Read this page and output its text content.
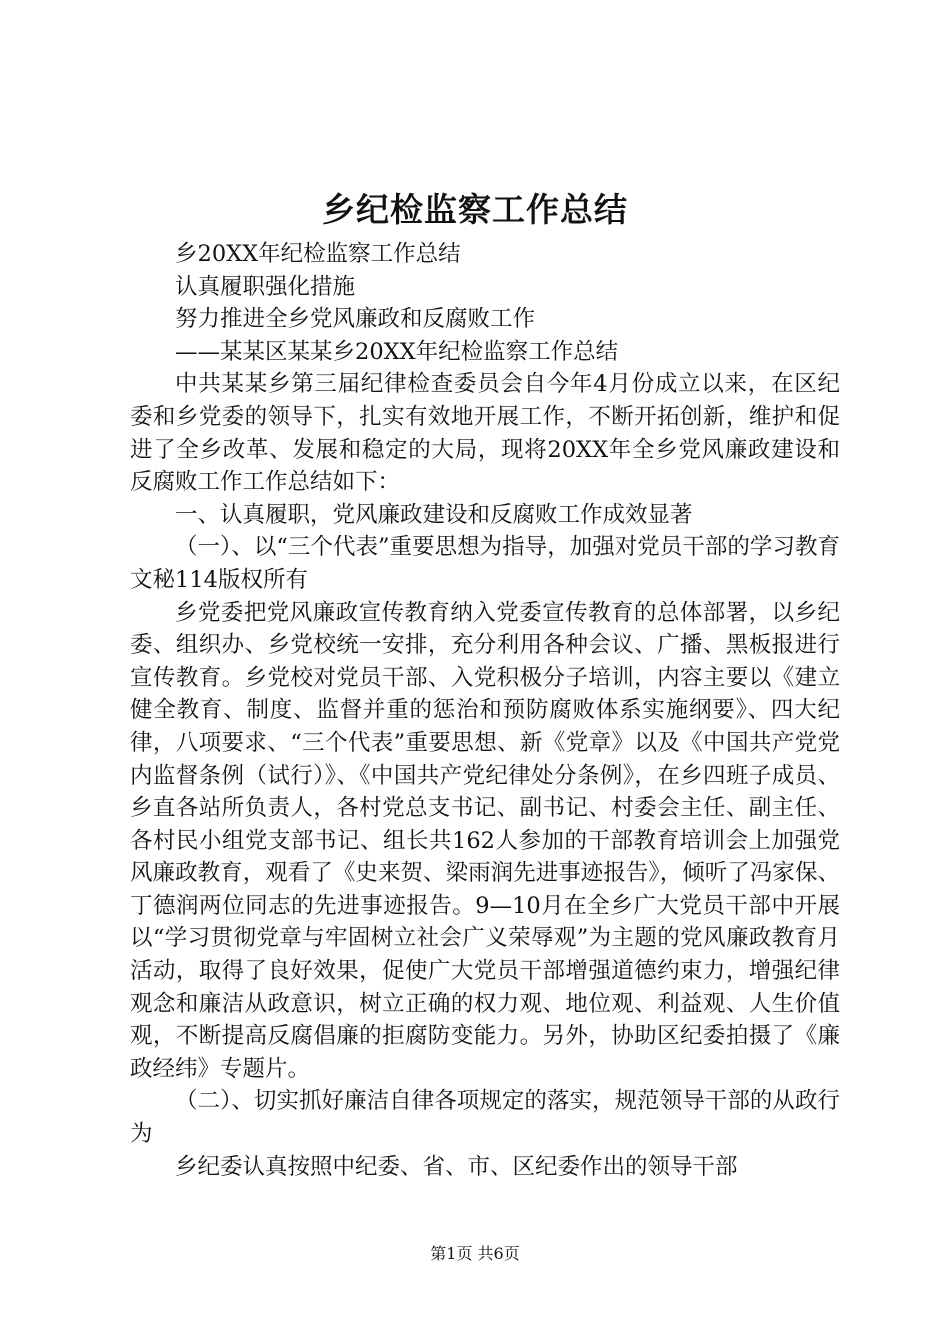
乡纪检监察工作总结

乡20XX年纪检监察工作总结

认真履职强化措施

努力推进全乡党风廉政和反腐败工作

——某某区某某乡20XX年纪检监察工作总结

中共某某乡第三届纪律检查委员会自今年4月份成立以来，在区纪委和乡党委的领导下，扎实有效地开展工作，不断开拓创新，维护和促进了全乡改革、发展和稳定的大局，现将20XX年全乡党风廉政建设和反腐败工作工作总结如下：

一、认真履职，党风廉政建设和反腐败工作成效显著

（一）、以“三个代表”重要思想为指导，加强对党员干部的学习教育文秘114版权所有

乡党委把党风廉政宣传教育纳入党委宣传教育的总体部署，以乡纪委、组织办、乡党校统一安排，充分利用各种会议、广播、黑板报进行宣传教育。乡党校对党员干部、入党积极分子培训，内容主要以《建立健全教育、制度、监督并重的惩治和预防腐败体系实施纲要》、四大纪律，八项要求、“三个代表”重要思想、新《党章》以及《中国共产党党内监督条例（试行）》、《中国共产党纪律处分条例》，在乡四班子成员、乡直各站所负责人，各村党总支书记、副书记、村委会主任、副主任、各村民小组党支部书记、组长共162人参加的干部教育培训会上加强党风廉政教育，观看了《史来贺、梁雨润先进事迹报告》，倾听了冯家保、丁德润两位同志的先进事迹报告。9—10月在全乡广大党员干部中开展以“学习贯彻党章与牢固树立社会广义荣辱观”为主题的党风廉政教育月活动，取得了良好效果，促使广大党员干部增强道德约束力，增强纪律观念和廉洁从政意识，树立正确的权力观、地位观、利益观、人生价值观，不断提高反腐倡廉的拒腐防变能力。另外，协助区纪委拍摄了《廉政经纬》专题片。

（二）、切实抓好廉洁自律各项规定的落实，规范领导干部的从政行为

乡纪委认真按照中纪委、省、市、区纪委作出的领导干部

第1页 共6页
